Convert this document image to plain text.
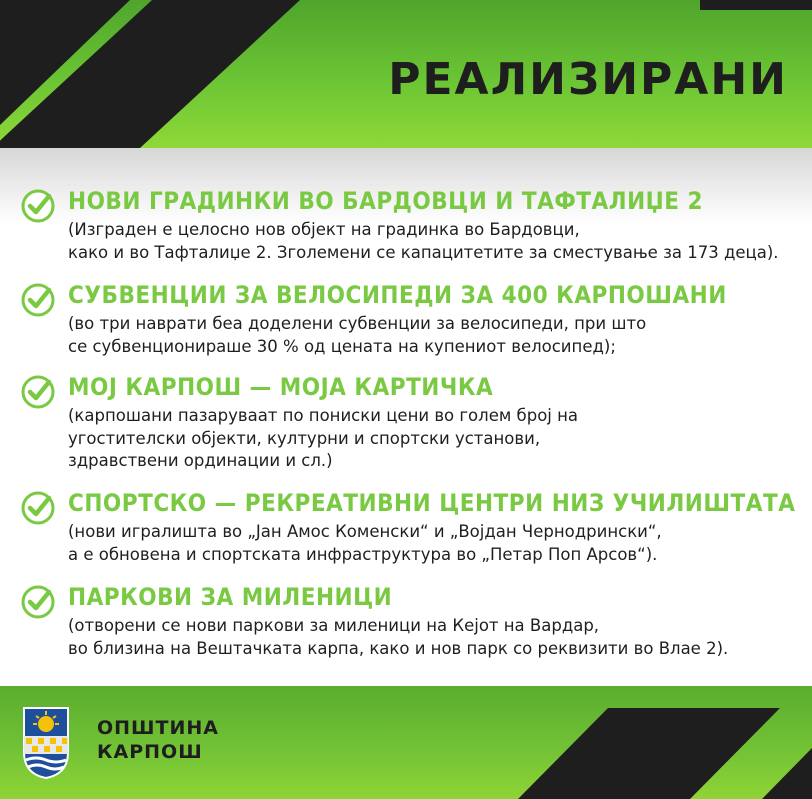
РЕАЛИЗИРАНИ

НОВИ ГРАДИНКИ ВО БАРДОВЦИ И ТАФТАЛИЏЕ 2

(Изграден е целосно нов објект на градинка во Бардовци,
како и во Тафталиџе 2. Зголемени се капацитетите за сместување за 173 деца).

СУБВЕНЦИИ ЗА ВЕЛОСИПЕДИ ЗА 400 КАРПОШАНИ

(во три наврати беа доделени субвенции за велосипеди, при што
се субвенционираше 30 % од цената на купениот велосипед);

МОЈ КАРПОШ — МОЈА КАРТИЧКА

(карпошани пазаруваат по пониски цени во голем број на
угостителски објекти, културни и спортски установи,
здравствени ординации и сл.)

СПОРТСКО — РЕКРЕАТИВНИ ЦЕНТРИ НИЗ УЧИЛИШТАТА

(нови игралишта во „Јан Амос Коменски“ и „Војдан Чернодрински“,
а е обновена и спортската инфраструктура во „Петар Поп Арсов“).

ПАРКОВИ ЗА МИЛЕНИЦИ

(отворени се нови паркови за миленици на Кејот на Вардар,
во близина на Вештачката карпа, како и нов парк со реквизити во Влае 2).

ОПШТИНА
КАРПОШ
